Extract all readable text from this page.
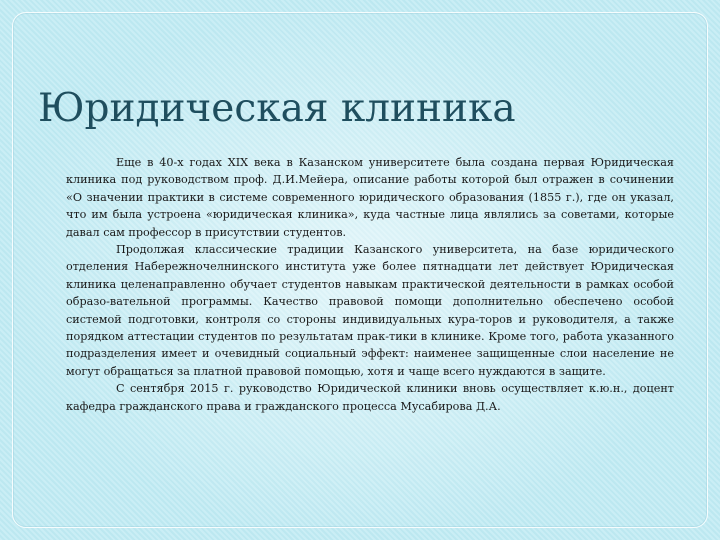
Юридическая клиника

Еще в 40-х годах XIX века в Казанском университете была создана первая Юридическая клиника под руководством проф. Д.И.Мейера, описание работы которой был отражен в сочинении «О значении практики в системе современного юридического образования (1855 г.), где он указал, что им была устроена «юридическая клиника», куда частные лица являлись за советами, которые давал сам профессор в присутствии студентов.

Продолжая классические традиции Казанского университета, на базе юридического отделения Набережночелнинского института уже более пятнадцати лет действует Юридическая клиника целенаправленно обучает студентов навыкам практической деятельности в рамках особой образо-вательной программы. Качество правовой помощи дополнительно обеспечено особой системой подготовки, контроля со стороны индивидуальных кура-торов и руководителя, а также порядком аттестации студентов по результатам прак-тики в клинике. Кроме того, работа указанного подразделения имеет и очевидный социальный эффект: наименее защищенные слои население не могут обращаться за платной правовой помощью, хотя и чаще всего нуждаются в защите.

С сентября 2015 г. руководство Юридической клиники вновь осуществляет к.ю.н., доцент кафедра гражданского права и гражданского процесса Мусабирова Д.А.
